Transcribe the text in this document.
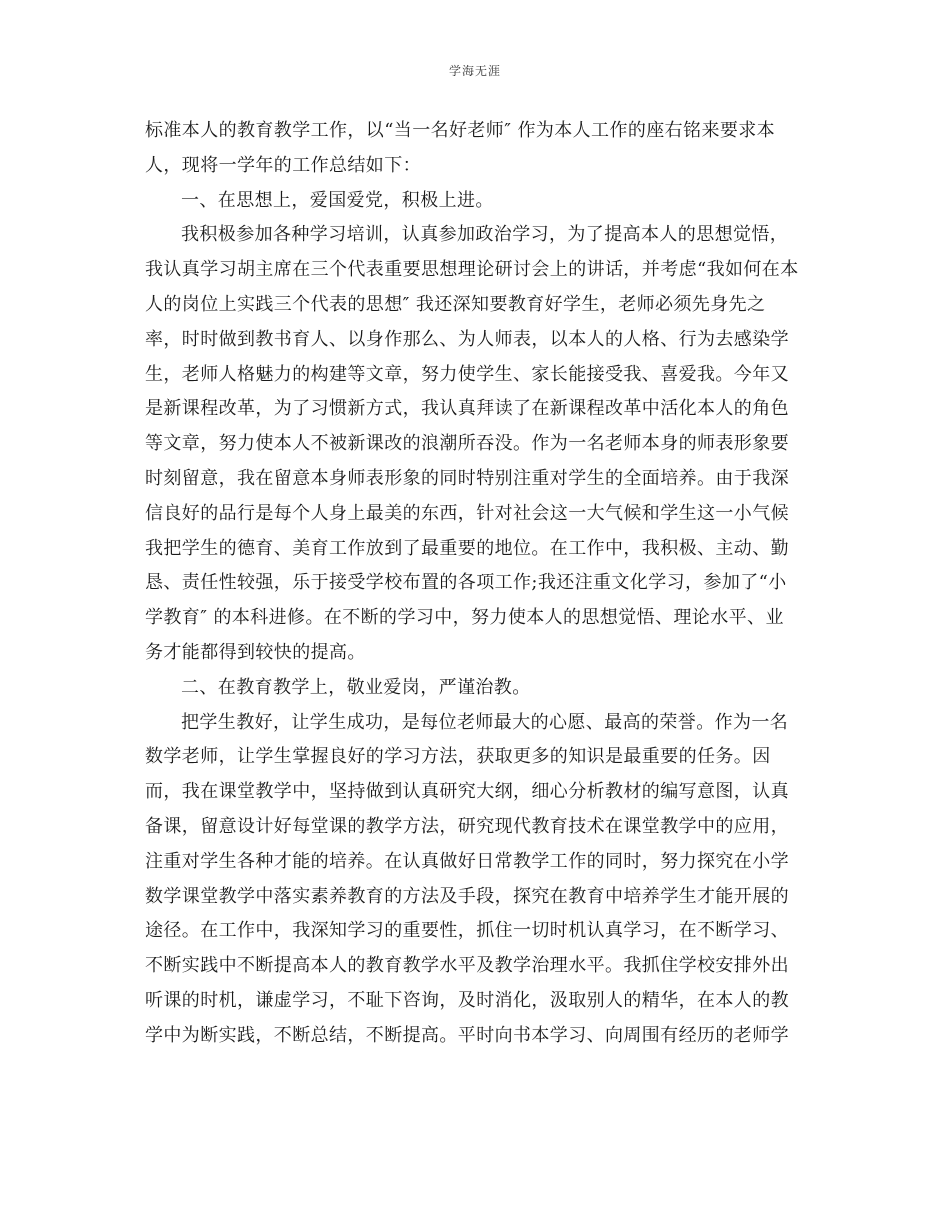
学海无涯
标准本人的教育教学工作，以“当一名好老师″ 作为本人工作的座右铭来要求本
人，现将一学年的工作总结如下：
一、在思想上，爱国爱党，积极上进。
我积极参加各种学习培训，认真参加政治学习，为了提高本人的思想觉悟，
我认真学习胡主席在三个代表重要思想理论研讨会上的讲话，并考虑“我如何在本
人的岗位上实践三个代表的思想″ 我还深知要教育好学生，老师必须先身先之
率，时时做到教书育人、以身作那么、为人师表，以本人的人格、行为去感染学
生，老师人格魅力的构建等文章，努力使学生、家长能接受我、喜爱我。今年又
是新课程改革，为了习惯新方式，我认真拜读了在新课程改革中活化本人的角色
等文章，努力使本人不被新课改的浪潮所吞没。作为一名老师本身的师表形象要
时刻留意，我在留意本身师表形象的同时特别注重对学生的全面培养。由于我深
信良好的品行是每个人身上最美的东西，针对社会这一大气候和学生这一小气候
我把学生的德育、美育工作放到了最重要的地位。在工作中，我积极、主动、勤
恳、责任性较强，乐于接受学校布置的各项工作;我还注重文化学习，参加了“小
学教育″ 的本科进修。在不断的学习中，努力使本人的思想觉悟、理论水平、业
务才能都得到较快的提高。
二、在教育教学上，敬业爱岗，严谨治教。
把学生教好，让学生成功，是每位老师最大的心愿、最高的荣誉。作为一名
数学老师，让学生掌握良好的学习方法，获取更多的知识是最重要的任务。因
而，我在课堂教学中，坚持做到认真研究大纲，细心分析教材的编写意图，认真
备课，留意设计好每堂课的教学方法，研究现代教育技术在课堂教学中的应用，
注重对学生各种才能的培养。在认真做好日常教学工作的同时，努力探究在小学
数学课堂教学中落实素养教育的方法及手段，探究在教育中培养学生才能开展的
途径。在工作中，我深知学习的重要性，抓住一切时机认真学习，在不断学习、
不断实践中不断提高本人的教育教学水平及教学治理水平。我抓住学校安排外出
听课的时机，谦虚学习，不耻下咨询，及时消化，汲取别人的精华，在本人的教
学中为断实践，不断总结，不断提高。平时向书本学习、向周围有经历的老师学
